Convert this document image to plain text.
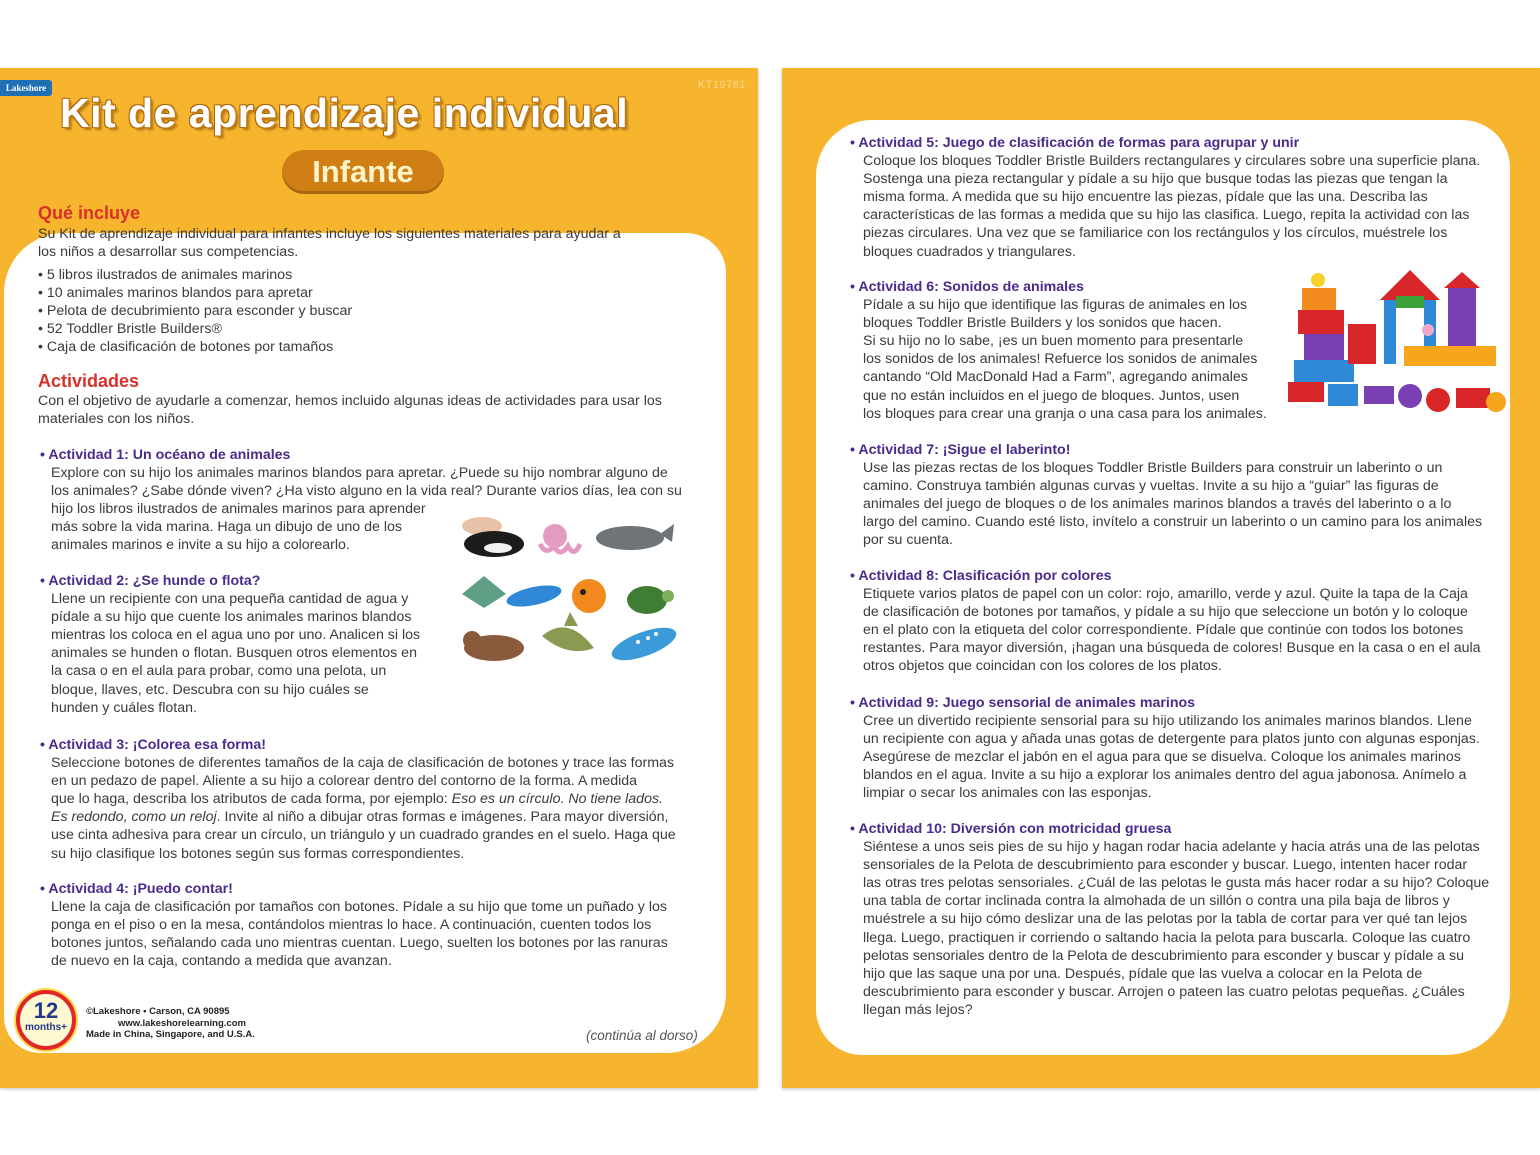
Lakeshore	KT19781
Kit de aprendizaje individual
Infante
Qué incluye
Su Kit de aprendizaje individual para infantes incluye los siguientes materiales para ayudar a
los niños a desarrollar sus competencias.
• 5 libros ilustrados de animales marinos
• 10 animales marinos blandos para apretar
• Pelota de decubrimiento para esconder y buscar
• 52 Toddler Bristle Builders®
• Caja de clasificación de botones por tamaños
Actividades
Con el objetivo de ayudarle a comenzar, hemos incluido algunas ideas de actividades para usar los
materiales con los niños.
• Actividad 1: Un océano de animales
Explore con su hijo los animales marinos blandos para apretar. ¿Puede su hijo nombrar alguno de
los animales? ¿Sabe dónde viven? ¿Ha visto alguno en la vida real? Durante varios días, lea con su
hijo los libros ilustrados de animales marinos para aprender
más sobre la vida marina. Haga un dibujo de uno de los
animales marinos e invite a su hijo a colorearlo.
• Actividad 2: ¿Se hunde o flota?
Llene un recipiente con una pequeña cantidad de agua y
pídale a su hijo que cuente los animales marinos blandos
mientras los coloca en el agua uno por uno. Analicen si los
animales se hunden o flotan. Busquen otros elementos en
la casa o en el aula para probar, como una pelota, un
bloque, llaves, etc. Descubra con su hijo cuáles se
hunden y cuáles flotan.
• Actividad 3: ¡Colorea esa forma!
Seleccione botones de diferentes tamaños de la caja de clasificación de botones y trace las formas
en un pedazo de papel. Aliente a su hijo a colorear dentro del contorno de la forma. A medida
que lo haga, describa los atributos de cada forma, por ejemplo: Eso es un círculo. No tiene lados.
Es redondo, como un reloj. Invite al niño a dibujar otras formas e imágenes. Para mayor diversión,
use cinta adhesiva para crear un círculo, un triángulo y un cuadrado grandes en el suelo. Haga que
su hijo clasifique los botones según sus formas correspondientes.
• Actividad 4: ¡Puedo contar!
Llene la caja de clasificación por tamaños con botones. Pídale a su hijo que tome un puñado y los
ponga en el piso o en la mesa, contándolos mientras lo hace. A continuación, cuenten todos los
botones juntos, señalando cada uno mientras cuentan. Luego, suelten los botones por las ranuras
de nuevo en la caja, contando a medida que avanzan.
12
months+
©Lakeshore • Carson, CA 90895
www.lakeshorelearning.com
Made in China, Singapore, and U.S.A.	(continúa al dorso)
• Actividad 5: Juego de clasificación de formas para agrupar y unir
Coloque los bloques Toddler Bristle Builders rectangulares y circulares sobre una superficie plana.
Sostenga una pieza rectangular y pídale a su hijo que busque todas las piezas que tengan la
misma forma. A medida que su hijo encuentre las piezas, pídale que las una. Describa las
características de las formas a medida que su hijo las clasifica. Luego, repita la actividad con las
piezas circulares. Una vez que se familiarice con los rectángulos y los círculos, muéstrele los
bloques cuadrados y triangulares.
• Actividad 6: Sonidos de animales
Pídale a su hijo que identifique las figuras de animales en los
bloques Toddler Bristle Builders y los sonidos que hacen.
Si su hijo no lo sabe, ¡es un buen momento para presentarle
los sonidos de los animales! Refuerce los sonidos de animales
cantando “Old MacDonald Had a Farm”, agregando animales
que no están incluidos en el juego de bloques. Juntos, usen
los bloques para crear una granja o una casa para los animales.
• Actividad 7: ¡Sigue el laberinto!
Use las piezas rectas de los bloques Toddler Bristle Builders para construir un laberinto o un
camino. Construya también algunas curvas y vueltas. Invite a su hijo a “guiar” las figuras de
animales del juego de bloques o de los animales marinos blandos a través del laberinto o a lo
largo del camino. Cuando esté listo, invítelo a construir un laberinto o un camino para los animales
por su cuenta.
• Actividad 8: Clasificación por colores
Etiquete varios platos de papel con un color: rojo, amarillo, verde y azul. Quite la tapa de la Caja
de clasificación de botones por tamaños, y pídale a su hijo que seleccione un botón y lo coloque
en el plato con la etiqueta del color correspondiente. Pídale que continúe con todos los botones
restantes. Para mayor diversión, ¡hagan una búsqueda de colores! Busque en la casa o en el aula
otros objetos que coincidan con los colores de los platos.
• Actividad 9: Juego sensorial de animales marinos
Cree un divertido recipiente sensorial para su hijo utilizando los animales marinos blandos. Llene
un recipiente con agua y añada unas gotas de detergente para platos junto con algunas esponjas.
Asegúrese de mezclar el jabón en el agua para que se disuelva. Coloque los animales marinos
blandos en el agua. Invite a su hijo a explorar los animales dentro del agua jabonosa. Anímelo a
limpiar o secar los animales con las esponjas.
• Actividad 10: Diversión con motricidad gruesa
Siéntese a unos seis pies de su hijo y hagan rodar hacia adelante y hacia atrás una de las pelotas
sensoriales de la Pelota de descubrimiento para esconder y buscar. Luego, intenten hacer rodar
las otras tres pelotas sensoriales. ¿Cuál de las pelotas le gusta más hacer rodar a su hijo? Coloque
una tabla de cortar inclinada contra la almohada de un sillón o contra una pila baja de libros y
muéstrele a su hijo cómo deslizar una de las pelotas por la tabla de cortar para ver qué tan lejos
llega. Luego, practiquen ir corriendo o saltando hacia la pelota para buscarla. Coloque las cuatro
pelotas sensoriales dentro de la Pelota de descubrimiento para esconder y buscar y pídale a su
hijo que las saque una por una. Después, pídale que las vuelva a colocar en la Pelota de
descubrimiento para esconder y buscar. Arrojen o pateen las cuatro pelotas pequeñas. ¿Cuáles
llegan más lejos?
